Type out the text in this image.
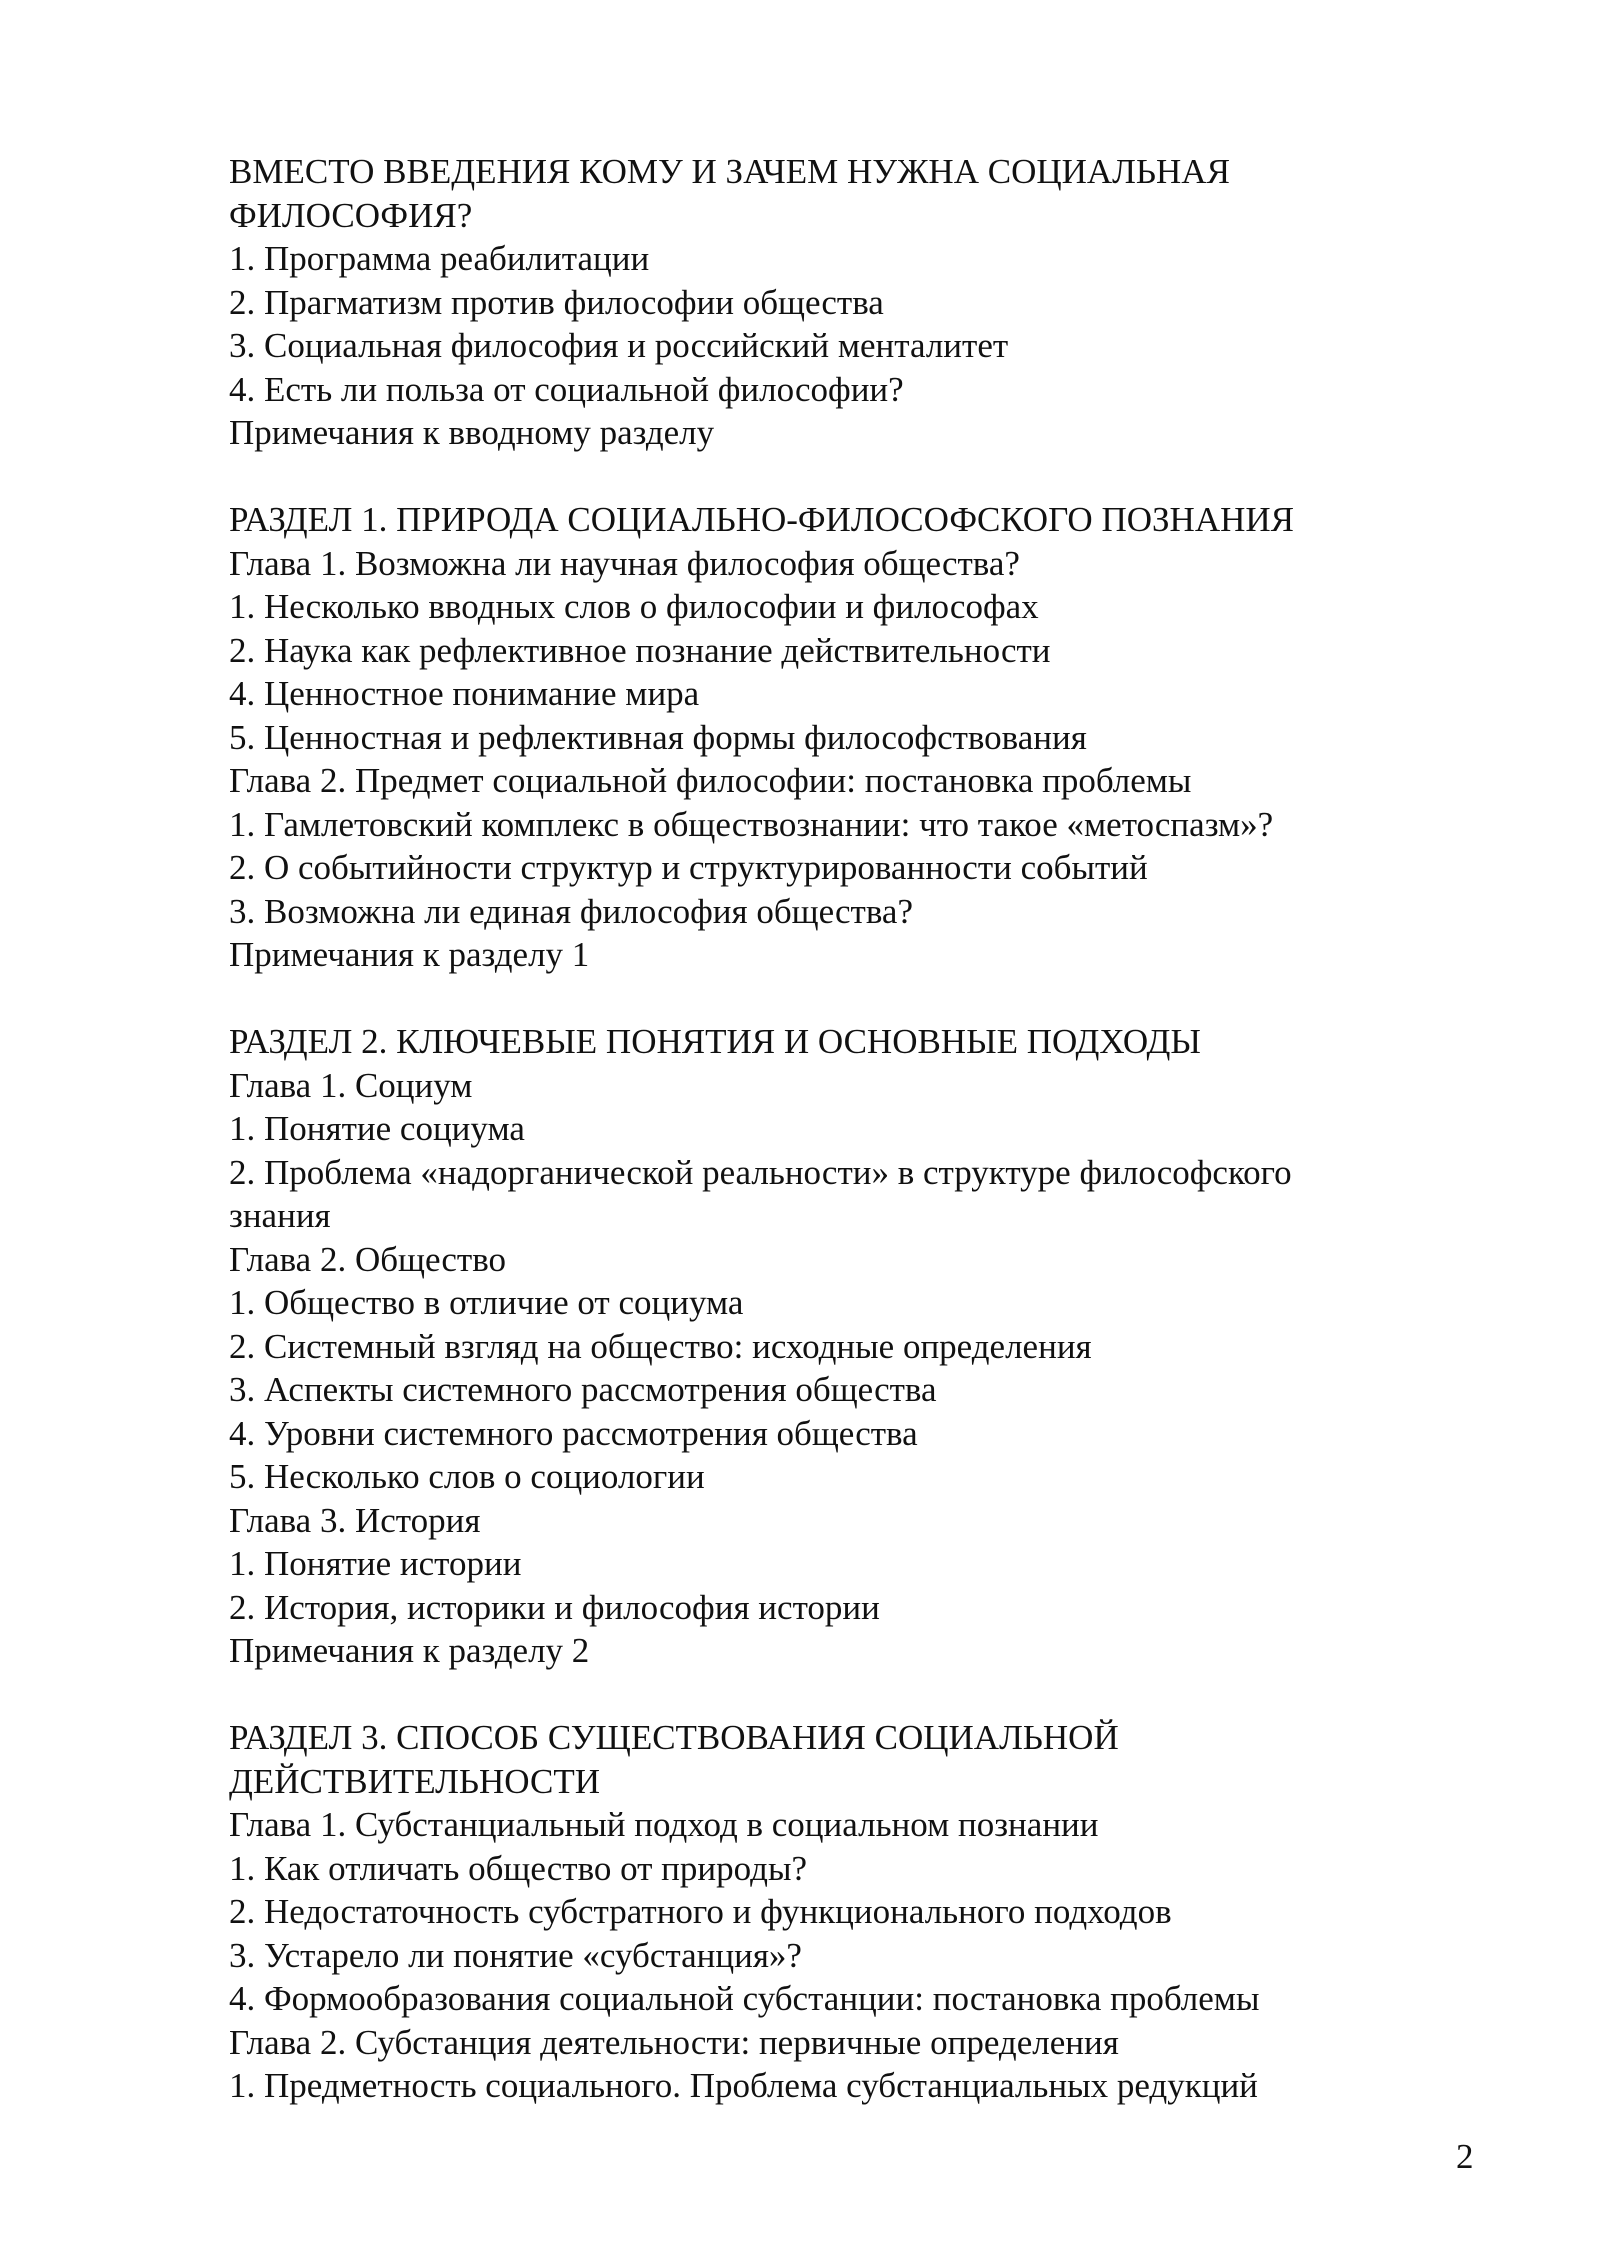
ВМЕСТО ВВЕДЕНИЯ КОМУ И ЗАЧЕМ НУЖНА СОЦИАЛЬНАЯ

ФИЛОСОФИЯ?

1. Программа реабилитации

2. Прагматизм против философии общества

3. Социальная философия и российский менталитет

4. Есть ли польза от социальной философии?

Примечания к вводному разделу

РАЗДЕЛ 1. ПРИРОДА СОЦИАЛЬНО-ФИЛОСОФСКОГО ПОЗНАНИЯ

Глава 1. Возможна ли научная философия общества?

1. Несколько вводных слов о философии и философах

2. Наука как рефлективное познание действительности

4. Ценностное понимание мира

5. Ценностная и рефлективная формы философствования

Глава 2. Предмет социальной философии: постановка проблемы

1. Гамлетовский комплекс в обществознании: что такое «метоспазм»?

2. О событийности структур и структурированности событий

3. Возможна ли единая философия общества?

Примечания к разделу 1

РАЗДЕЛ 2. КЛЮЧЕВЫЕ ПОНЯТИЯ И ОСНОВНЫЕ ПОДХОДЫ

Глава 1. Социум

1. Понятие социума

2. Проблема «надорганической реальности» в структуре философского

знания

Глава 2. Общество

1. Общество в отличие от социума

2. Системный взгляд на общество: исходные определения

3. Аспекты системного рассмотрения общества

4. Уровни системного рассмотрения общества

5. Несколько слов о социологии

Глава 3. История

1. Понятие истории

2. История, историки и философия истории

Примечания к разделу 2

РАЗДЕЛ 3. СПОСОБ СУЩЕСТВОВАНИЯ СОЦИАЛЬНОЙ

ДЕЙСТВИТЕЛЬНОСТИ

Глава 1. Субстанциальный подход в социальном познании

1. Как отличать общество от природы?

2. Недостаточность субстратного и функционального подходов

3. Устарело ли понятие «субстанция»?

4. Формообразования социальной субстанции: постановка проблемы

Глава 2. Субстанция деятельности: первичные определения

1. Предметность социального. Проблема субстанциальных редукций

2
